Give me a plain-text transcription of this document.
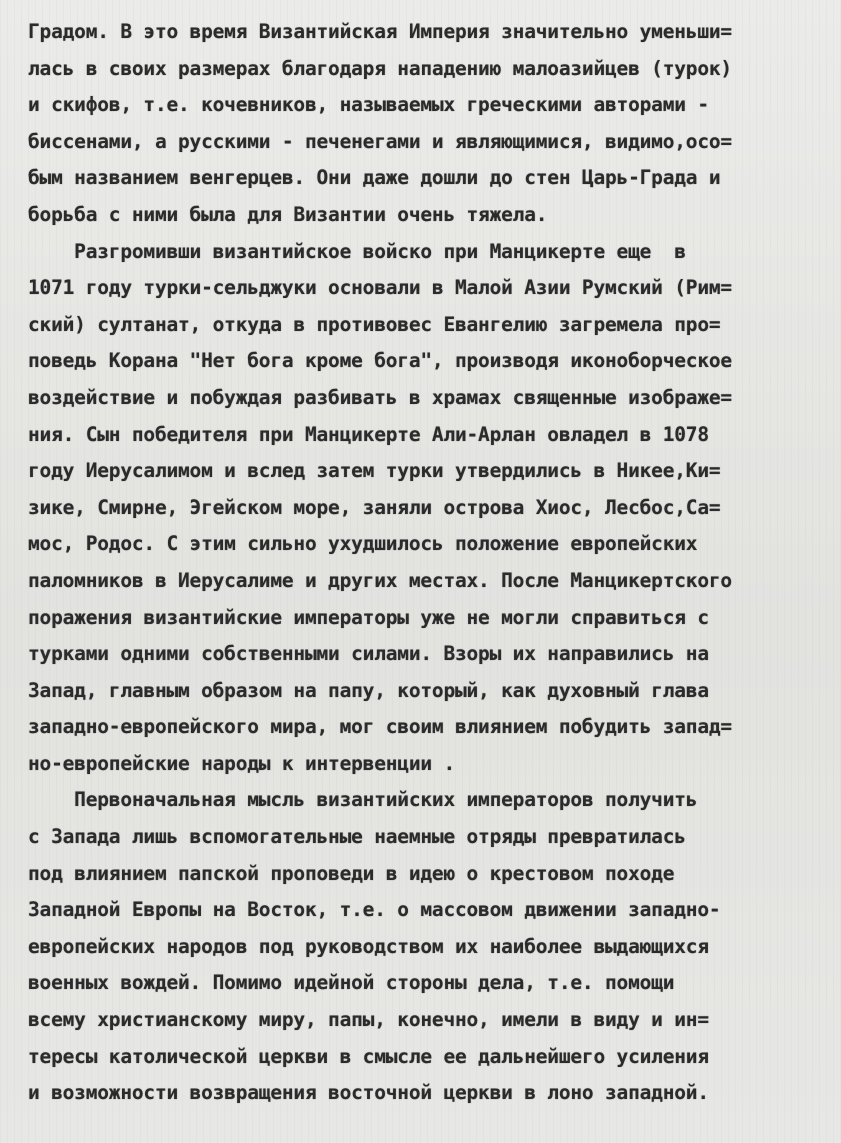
Градом. В это время Византийская Империя значительно уменьши=
лась в своих размерах благодаря нападению малоазийцев (турок)
и скифов, т.е. кочевников, называемых греческими авторами -
биссенами, а русскими - печенегами и являющимися, видимо,осо=
бым названием венгерцев. Они даже дошли до стен Царь-Града и
борьба с ними была для Византии очень тяжела.
Разгромивши византийское войско при Манцикерте еще  в
1071 году турки-сельджуки основали в Малой Азии Румский (Рим=
ский) султанат, откуда в противовес Евангелию загремела про=
поведь Корана "Нет бога кроме бога", производя иконоборческое
воздействие и побуждая разбивать в храмах священные изображе=
ния. Сын победителя при Манцикерте Али-Арлан овладел в 1078
году Иерусалимом и вслед затем турки утвердились в Никее,Ки=
зике, Смирне, Эгейском море, заняли острова Хиос, Лесбос,Са=
мос, Родос. С этим сильно ухудшилось положение европейских
паломников в Иерусалиме и других местах. После Манцикертского
поражения византийские императоры уже не могли справиться с
турками одними собственными силами. Взоры их направились на
Запад, главным образом на папу, который, как духовный глава
западно-европейского мира, мог своим влиянием побудить запад=
но-европейские народы к интервенции .
Первоначальная мысль византийских императоров получить
с Запада лишь вспомогательные наемные отряды превратилась
под влиянием папской проповеди в идею о крестовом походе
Западной Европы на Восток, т.е. о массовом движении западно-
европейских народов под руководством их наиболее выдающихся
военных вождей. Помимо идейной стороны дела, т.е. помощи
всему христианскому миру, папы, конечно, имели в виду и ин=
тересы католической церкви в смысле ее дальнейшего усиления
и возможности возвращения восточной церкви в лоно западной.
